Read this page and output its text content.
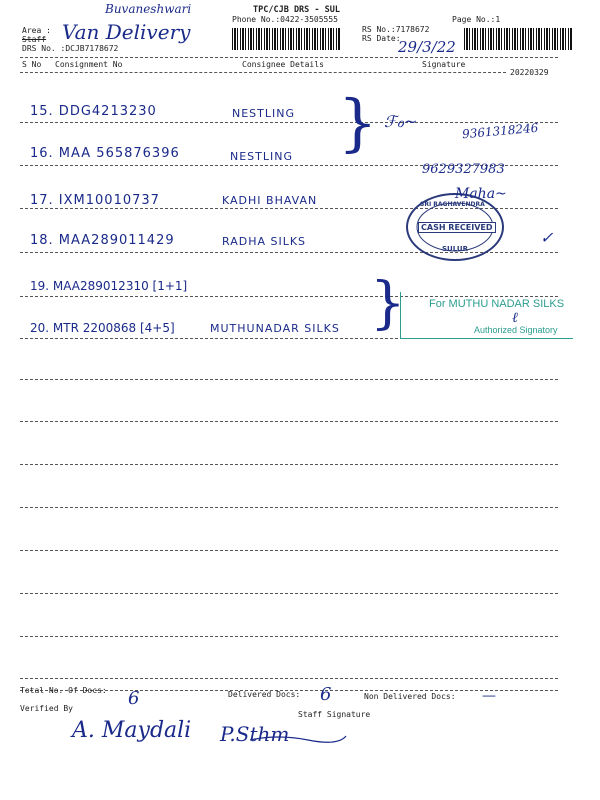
Buvaneshwari
Area :
Staff
DRS No. :DCJB7178672
Van Delivery
TPC/CJB DRS - SUL
Phone No.:0422-3505555
RS No.:7178672
RS Date:
Page No.:1
29/3/22
S No Consignment No	Consignee Details	Signature
20220329
15. DDG4213230	NESTLING
16. MAA 565876396	NESTLING
17. IXM10010737	KADHI BHAVAN
18. MAA289011429	RADHA SILKS
19. MAA289012310 [1+1]
20. MTR 2200868 [4+5]	MUTHUNADAR SILKS
}
}
ℱℴ~	9361318246
9629327983
SRI RAGHAVENDRA
CASH RECEIVED
SULUR
Maha~
✓
For MUTHU NADAR SILKS
Authorized Signatory
ℓ
Total No. Of Docs: 6	Delivered Docs: 6	Non Delivered Docs: —
Verified By
Staff Signature
A. Maydali P.Sthm
